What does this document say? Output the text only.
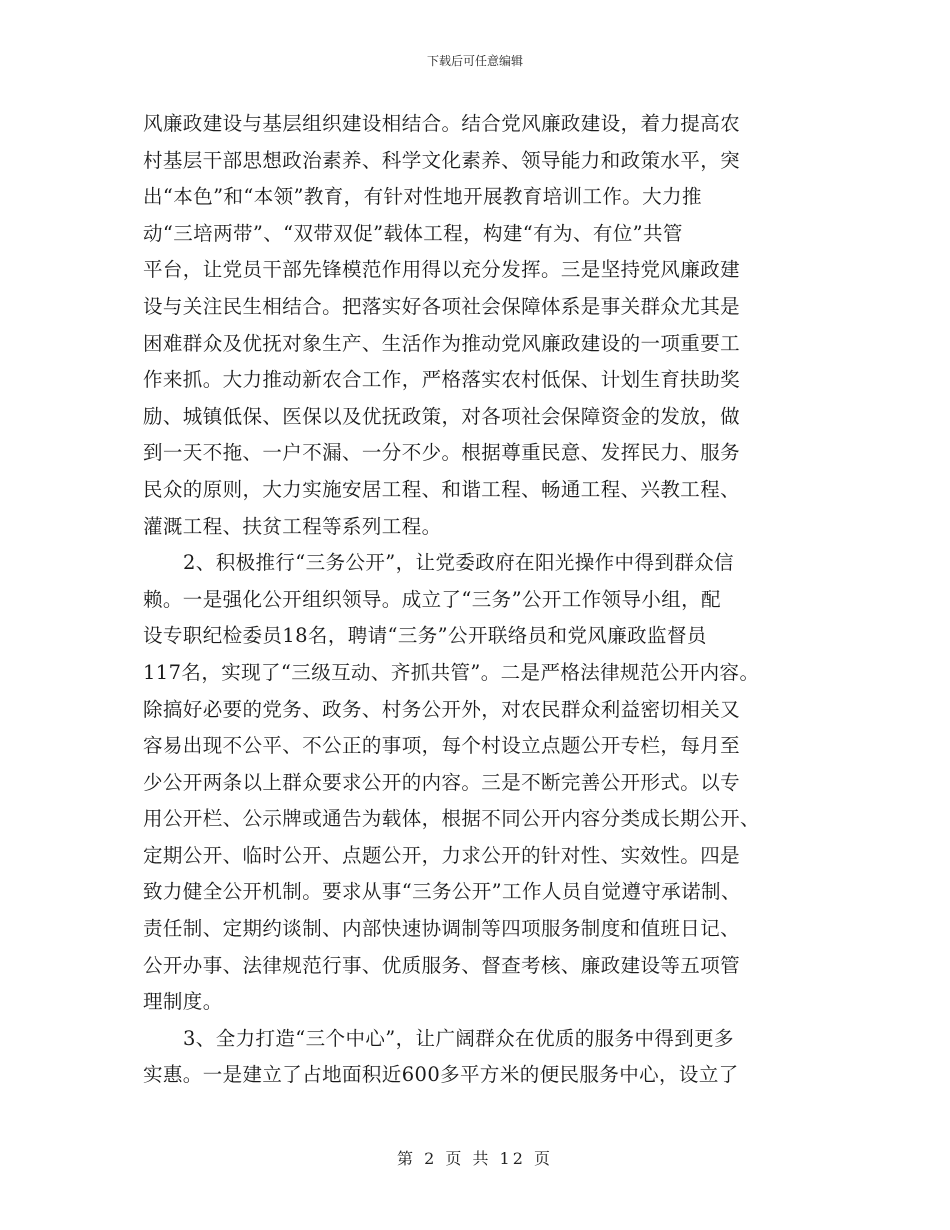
下载后可任意编辑
风廉政建设与基层组织建设相结合。结合党风廉政建设，着力提高农
村基层干部思想政治素养、科学文化素养、领导能力和政策水平，突
出“本色”和“本领”教育，有针对性地开展教育培训工作。大力推
动“三培两带”、“双带双促”载体工程，构建“有为、有位”共管
平台，让党员干部先锋模范作用得以充分发挥。三是坚持党风廉政建
设与关注民生相结合。把落实好各项社会保障体系是事关群众尤其是
困难群众及优抚对象生产、生活作为推动党风廉政建设的一项重要工
作来抓。大力推动新农合工作，严格落实农村低保、计划生育扶助奖
励、城镇低保、医保以及优抚政策，对各项社会保障资金的发放，做
到一天不拖、一户不漏、一分不少。根据尊重民意、发挥民力、服务
民众的原则，大力实施安居工程、和谐工程、畅通工程、兴教工程、
灌溉工程、扶贫工程等系列工程。
2、积极推行“三务公开”，让党委政府在阳光操作中得到群众信
赖。一是强化公开组织领导。成立了“三务”公开工作领导小组，配
设专职纪检委员18名，聘请“三务”公开联络员和党风廉政监督员
117名，实现了“三级互动、齐抓共管”。二是严格法律规范公开内容。
除搞好必要的党务、政务、村务公开外，对农民群众利益密切相关又
容易出现不公平、不公正的事项，每个村设立点题公开专栏，每月至
少公开两条以上群众要求公开的内容。三是不断完善公开形式。以专
用公开栏、公示牌或通告为载体，根据不同公开内容分类成长期公开、
定期公开、临时公开、点题公开，力求公开的针对性、实效性。四是
致力健全公开机制。要求从事“三务公开”工作人员自觉遵守承诺制、
责任制、定期约谈制、内部快速协调制等四项服务制度和值班日记、
公开办事、法律规范行事、优质服务、督查考核、廉政建设等五项管
理制度。
3、全力打造“三个中心”，让广阔群众在优质的服务中得到更多
实惠。一是建立了占地面积近600多平方米的便民服务中心，设立了
第 2 页 共 12 页
